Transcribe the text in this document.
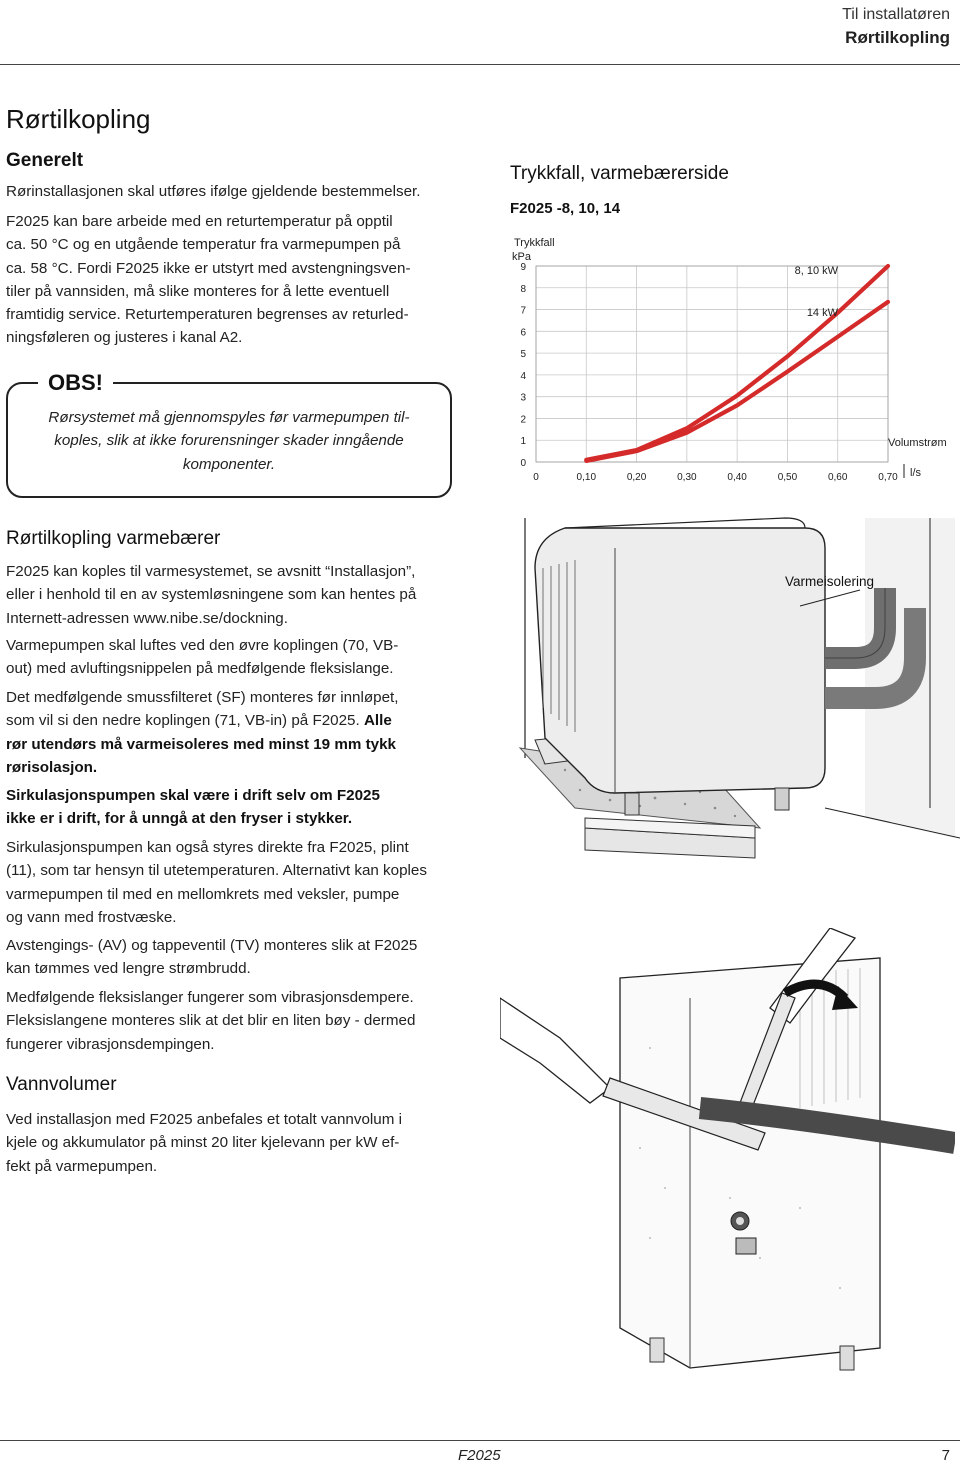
Til installatøren
Rørtilkopling
Rørtilkopling
Generelt

Rørinstallasjonen skal utføres ifølge gjeldende bestemmelser.

F2025 kan bare arbeide med en returtemperatur på opptil
ca. 50 °C og en utgående temperatur fra varmepumpen på
ca. 58 °C. Fordi F2025 ikke er utstyrt med avstengningsven-
tiler på vannsiden, må slike monteres for å lette eventuell
framtidig service. Returtemperaturen begrenses av returled-
ningsføleren og justeres i kanal A2.

OBS!
Rørsystemet må gjennomspyles før varmepumpen til-
koples, slik at ikke forurensninger skader inngående
komponenter.
Trykkfall, varmebærerside
F2025 -8, 10, 14
0	0,10	0,20	0,30	0,40	0,50	0,60	0,70
0
1
2
3
4
5
6
7
8
9
Trykkfall
kPa
Volumstrøm
l/s
8, 10 kW
14 kW
Rørtilkopling varmebærer

F2025 kan koples til varmesystemet, se avsnitt “Installasjon”,
eller i henhold til en av systemløsningene som kan hentes på
Internett-adressen www.nibe.se/dockning.

Varmepumpen skal luftes ved den øvre koplingen (70, VB-
out) med avluftingsnippelen på medfølgende fleksislange.

Det medfølgende smussfilteret (SF) monteres før innløpet,
som vil si den nedre koplingen (71, VB-in) på F2025. Alle
rør utendørs må varmeisoleres med minst 19 mm tykk
rørisolasjon.

Sirkulasjonspumpen skal være i drift selv om F2025
ikke er i drift, for å unngå at den fryser i stykker.

Sirkulasjonspumpen kan også styres direkte fra F2025, plint
(11), som tar hensyn til utetemperaturen. Alternativt kan koples
varmepumpen til med en mellomkrets med veksler, pumpe
og vann med frostvæske.

Avstengings- (AV) og tappeventil (TV) monteres slik at F2025
kan tømmes ved lengre strømbrudd.

Medfølgende fleksislanger fungerer som vibrasjonsdempere.
Fleksislangene monteres slik at det blir en liten bøy - dermed
fungerer vibrasjonsdempingen.

Vannvolumer

Ved installasjon med F2025 anbefales et totalt vannvolum i
kjele og akkumulator på minst 20 liter kjelevann per kW ef-
fekt på varmepumpen.

Varmeisolering
F2025	7
